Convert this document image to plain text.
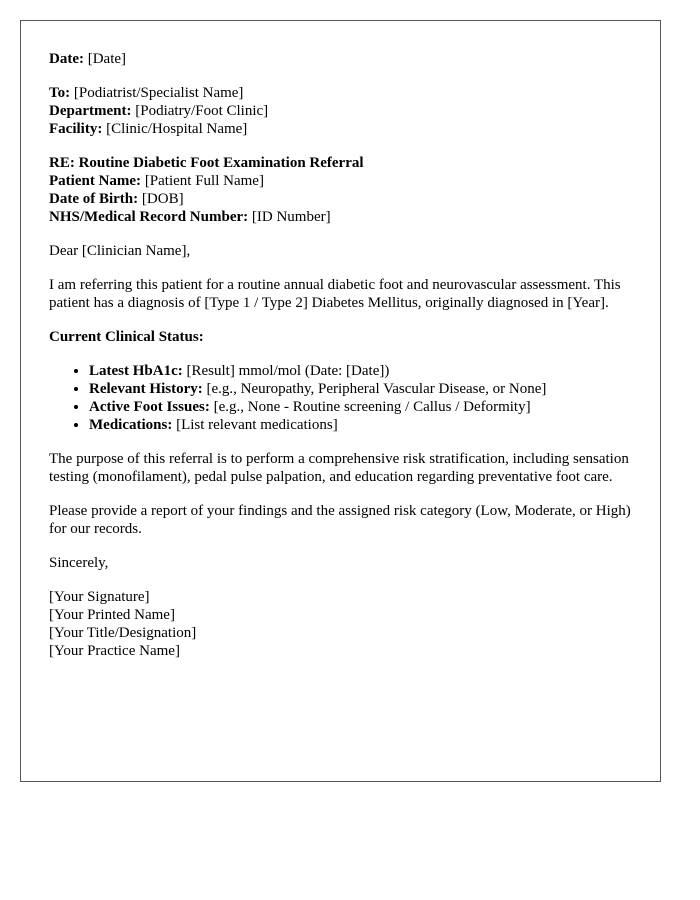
Date: [Date]

To: [Podiatrist/Specialist Name]
Department: [Podiatry/Foot Clinic]
Facility: [Clinic/Hospital Name]

RE: Routine Diabetic Foot Examination Referral
Patient Name: [Patient Full Name]
Date of Birth: [DOB]
NHS/Medical Record Number: [ID Number]

Dear [Clinician Name],

I am referring this patient for a routine annual diabetic foot and neurovascular assessment. This patient has a diagnosis of [Type 1 / Type 2] Diabetes Mellitus, originally diagnosed in [Year].

Current Clinical Status:

• Latest HbA1c: [Result] mmol/mol (Date: [Date])
• Relevant History: [e.g., Neuropathy, Peripheral Vascular Disease, or None]
• Active Foot Issues: [e.g., None - Routine screening / Callus / Deformity]
• Medications: [List relevant medications]

The purpose of this referral is to perform a comprehensive risk stratification, including sensation testing (monofilament), pedal pulse palpation, and education regarding preventative foot care.

Please provide a report of your findings and the assigned risk category (Low, Moderate, or High) for our records.

Sincerely,

[Your Signature]
[Your Printed Name]
[Your Title/Designation]
[Your Practice Name]
